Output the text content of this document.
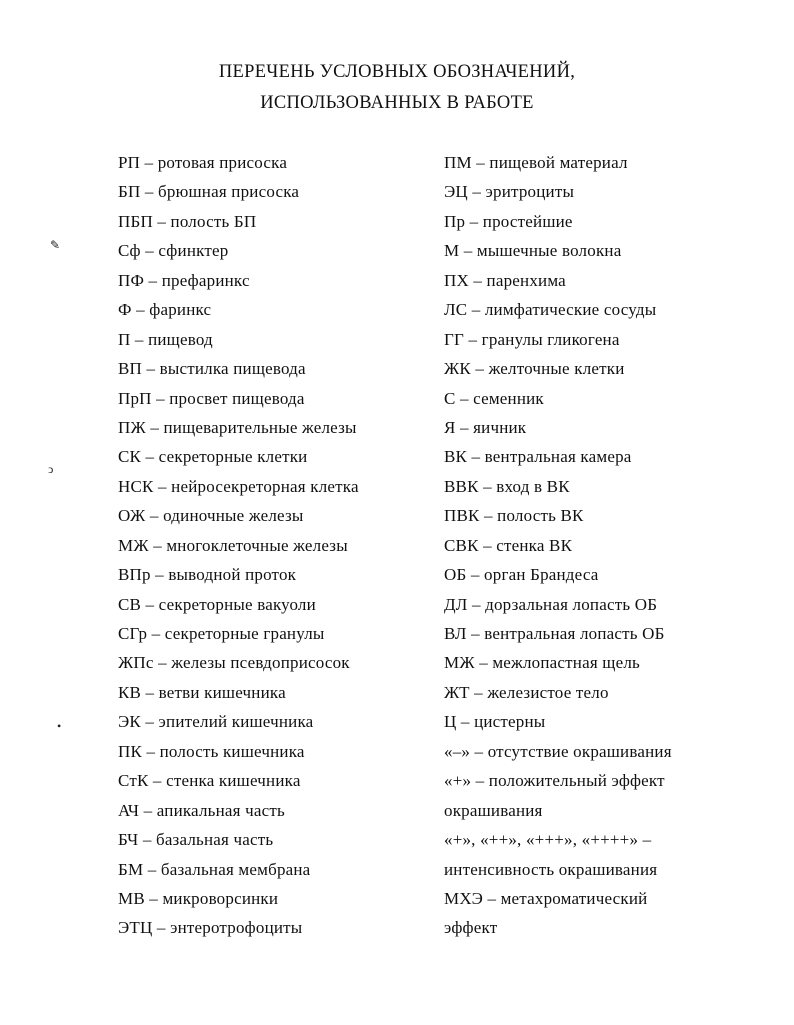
ПЕРЕЧЕНЬ УСЛОВНЫХ ОБОЗНАЧЕНИЙ,
ИСПОЛЬЗОВАННЫХ В РАБОТЕ
✎
ↄ
•
РП – ротовая присоска
БП – брюшная присоска
ПБП – полость БП
Сф – сфинктер
ПФ – префаринкс
Ф – фаринкс
П – пищевод
ВП – выстилка пищевода
ПрП – просвет пищевода
ПЖ – пищеварительные железы
СК – секреторные клетки
НСК – нейросекреторная клетка
ОЖ – одиночные железы
МЖ – многоклеточные железы
ВПр – выводной проток
СВ – секреторные вакуоли
СГр – секреторные гранулы
ЖПс – железы псевдоприсосок
КВ – ветви кишечника
ЭК – эпителий кишечника
ПК – полость кишечника
СтК – стенка кишечника
АЧ – апикальная часть
БЧ – базальная часть
БМ – базальная мембрана
МВ – микроворсинки
ЭТЦ – энтеротрофоциты
ПМ – пищевой материал
ЭЦ – эритроциты
Пр – простейшие
М – мышечные волокна
ПХ – паренхима
ЛС – лимфатические сосуды
ГГ – гранулы гликогена
ЖК – желточные клетки
С – семенник
Я – яичник
ВК – вентральная камера
ВВК – вход в ВК
ПВК – полость ВК
СВК – стенка ВК
ОБ – орган Брандеса
ДЛ – дорзальная лопасть ОБ
ВЛ – вентральная лопасть ОБ
МЖ – межлопастная щель
ЖТ – железистое тело
Ц – цистерны
«–» – отсутствие окрашивания
«+» – положительный эффект
окрашивания
«+», «++», «+++», «++++» –
интенсивность окрашивания
МХЭ – метахроматический
эффект
